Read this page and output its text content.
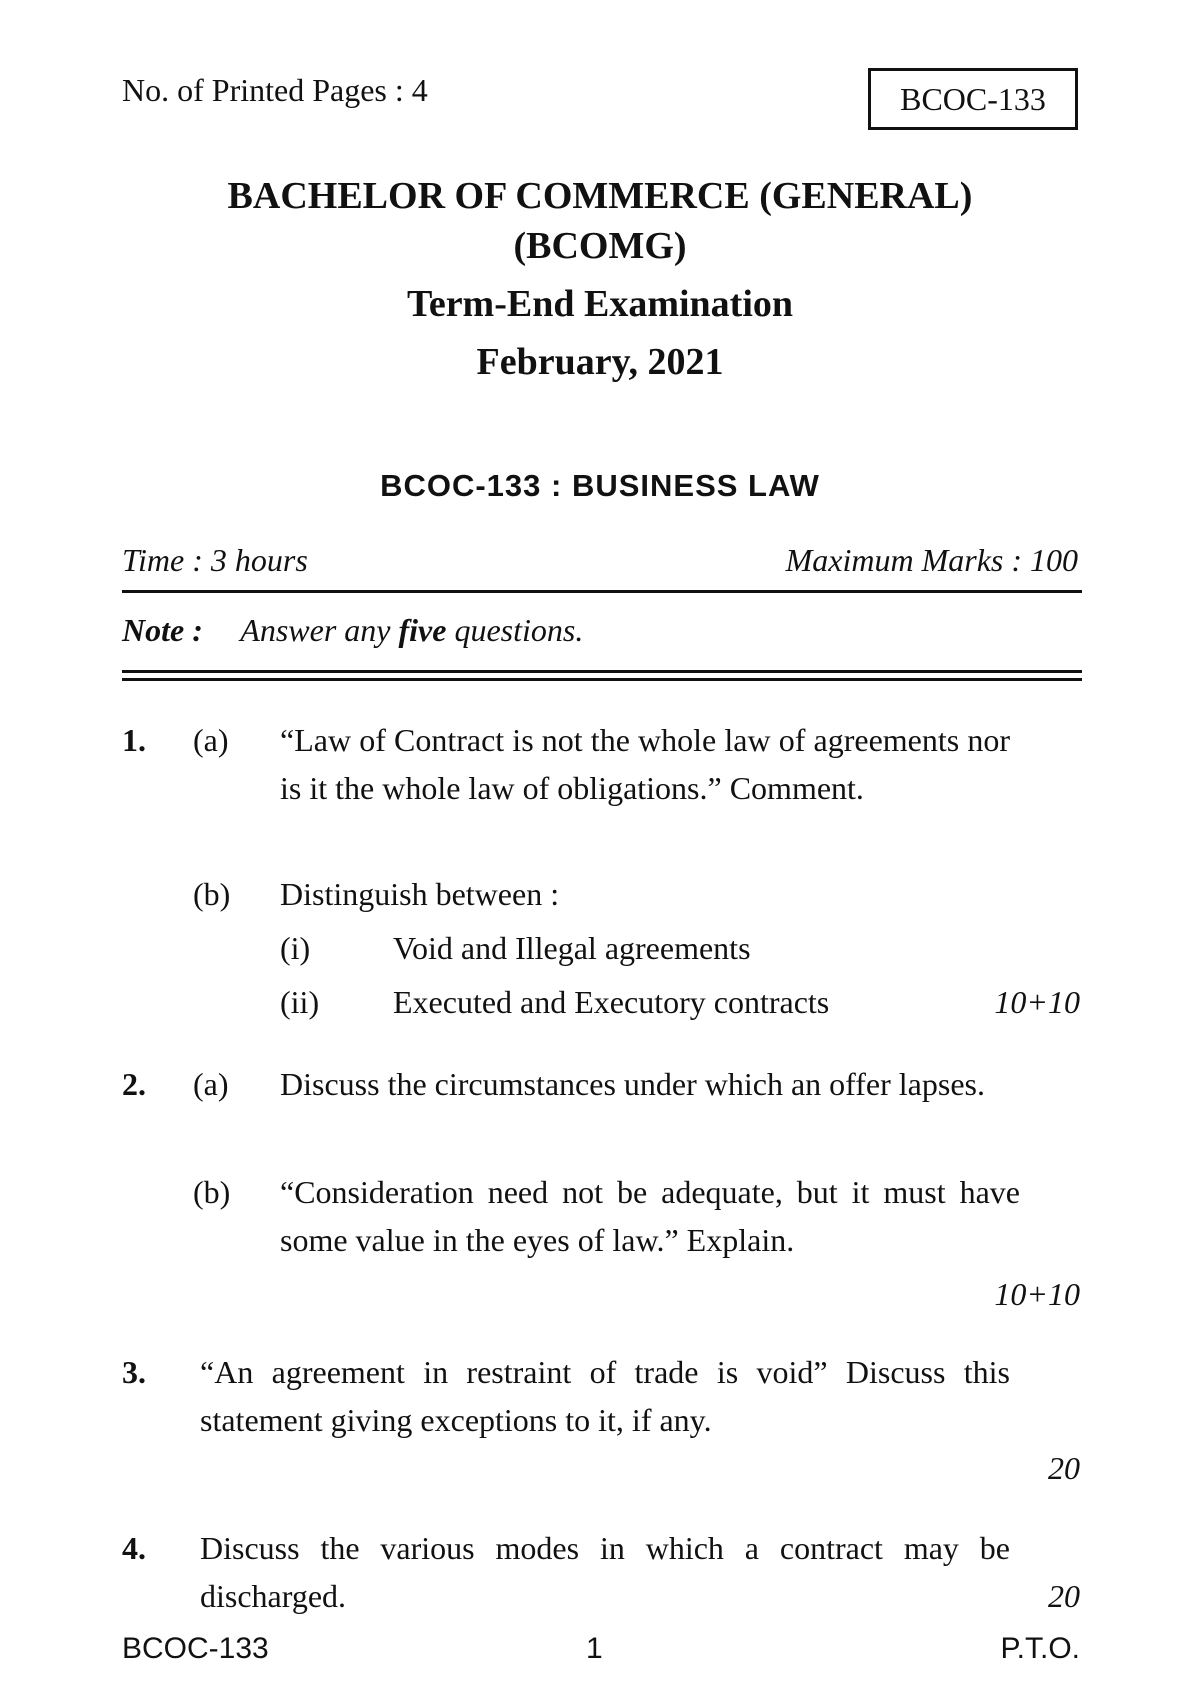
No. of Printed Pages : 4	BCOC-133
BACHELOR OF COMMERCE (GENERAL)
(BCOMG)
Term-End Examination
February, 2021
BCOC-133 : BUSINESS LAW
Time : 3 hours	Maximum Marks : 100
Note : Answer any five questions.
1. (a) “Law of Contract is not the whole law of agreements nor is it the whole law of obligations.” Comment.
(b) Distinguish between :
(i)	Void and Illegal agreements
(ii) Executed and Executory contracts	10+10
2. (a) Discuss the circumstances under which an offer lapses.
(b) “Consideration need not be adequate, but it must have some value in the eyes of law.” Explain.
10+10
3. “An agreement in restraint of trade is void” Discuss this statement giving exceptions to it, if any.
20
4. Discuss the various modes in which a contract may be discharged.	20
BCOC-133	1	P.T.O.
